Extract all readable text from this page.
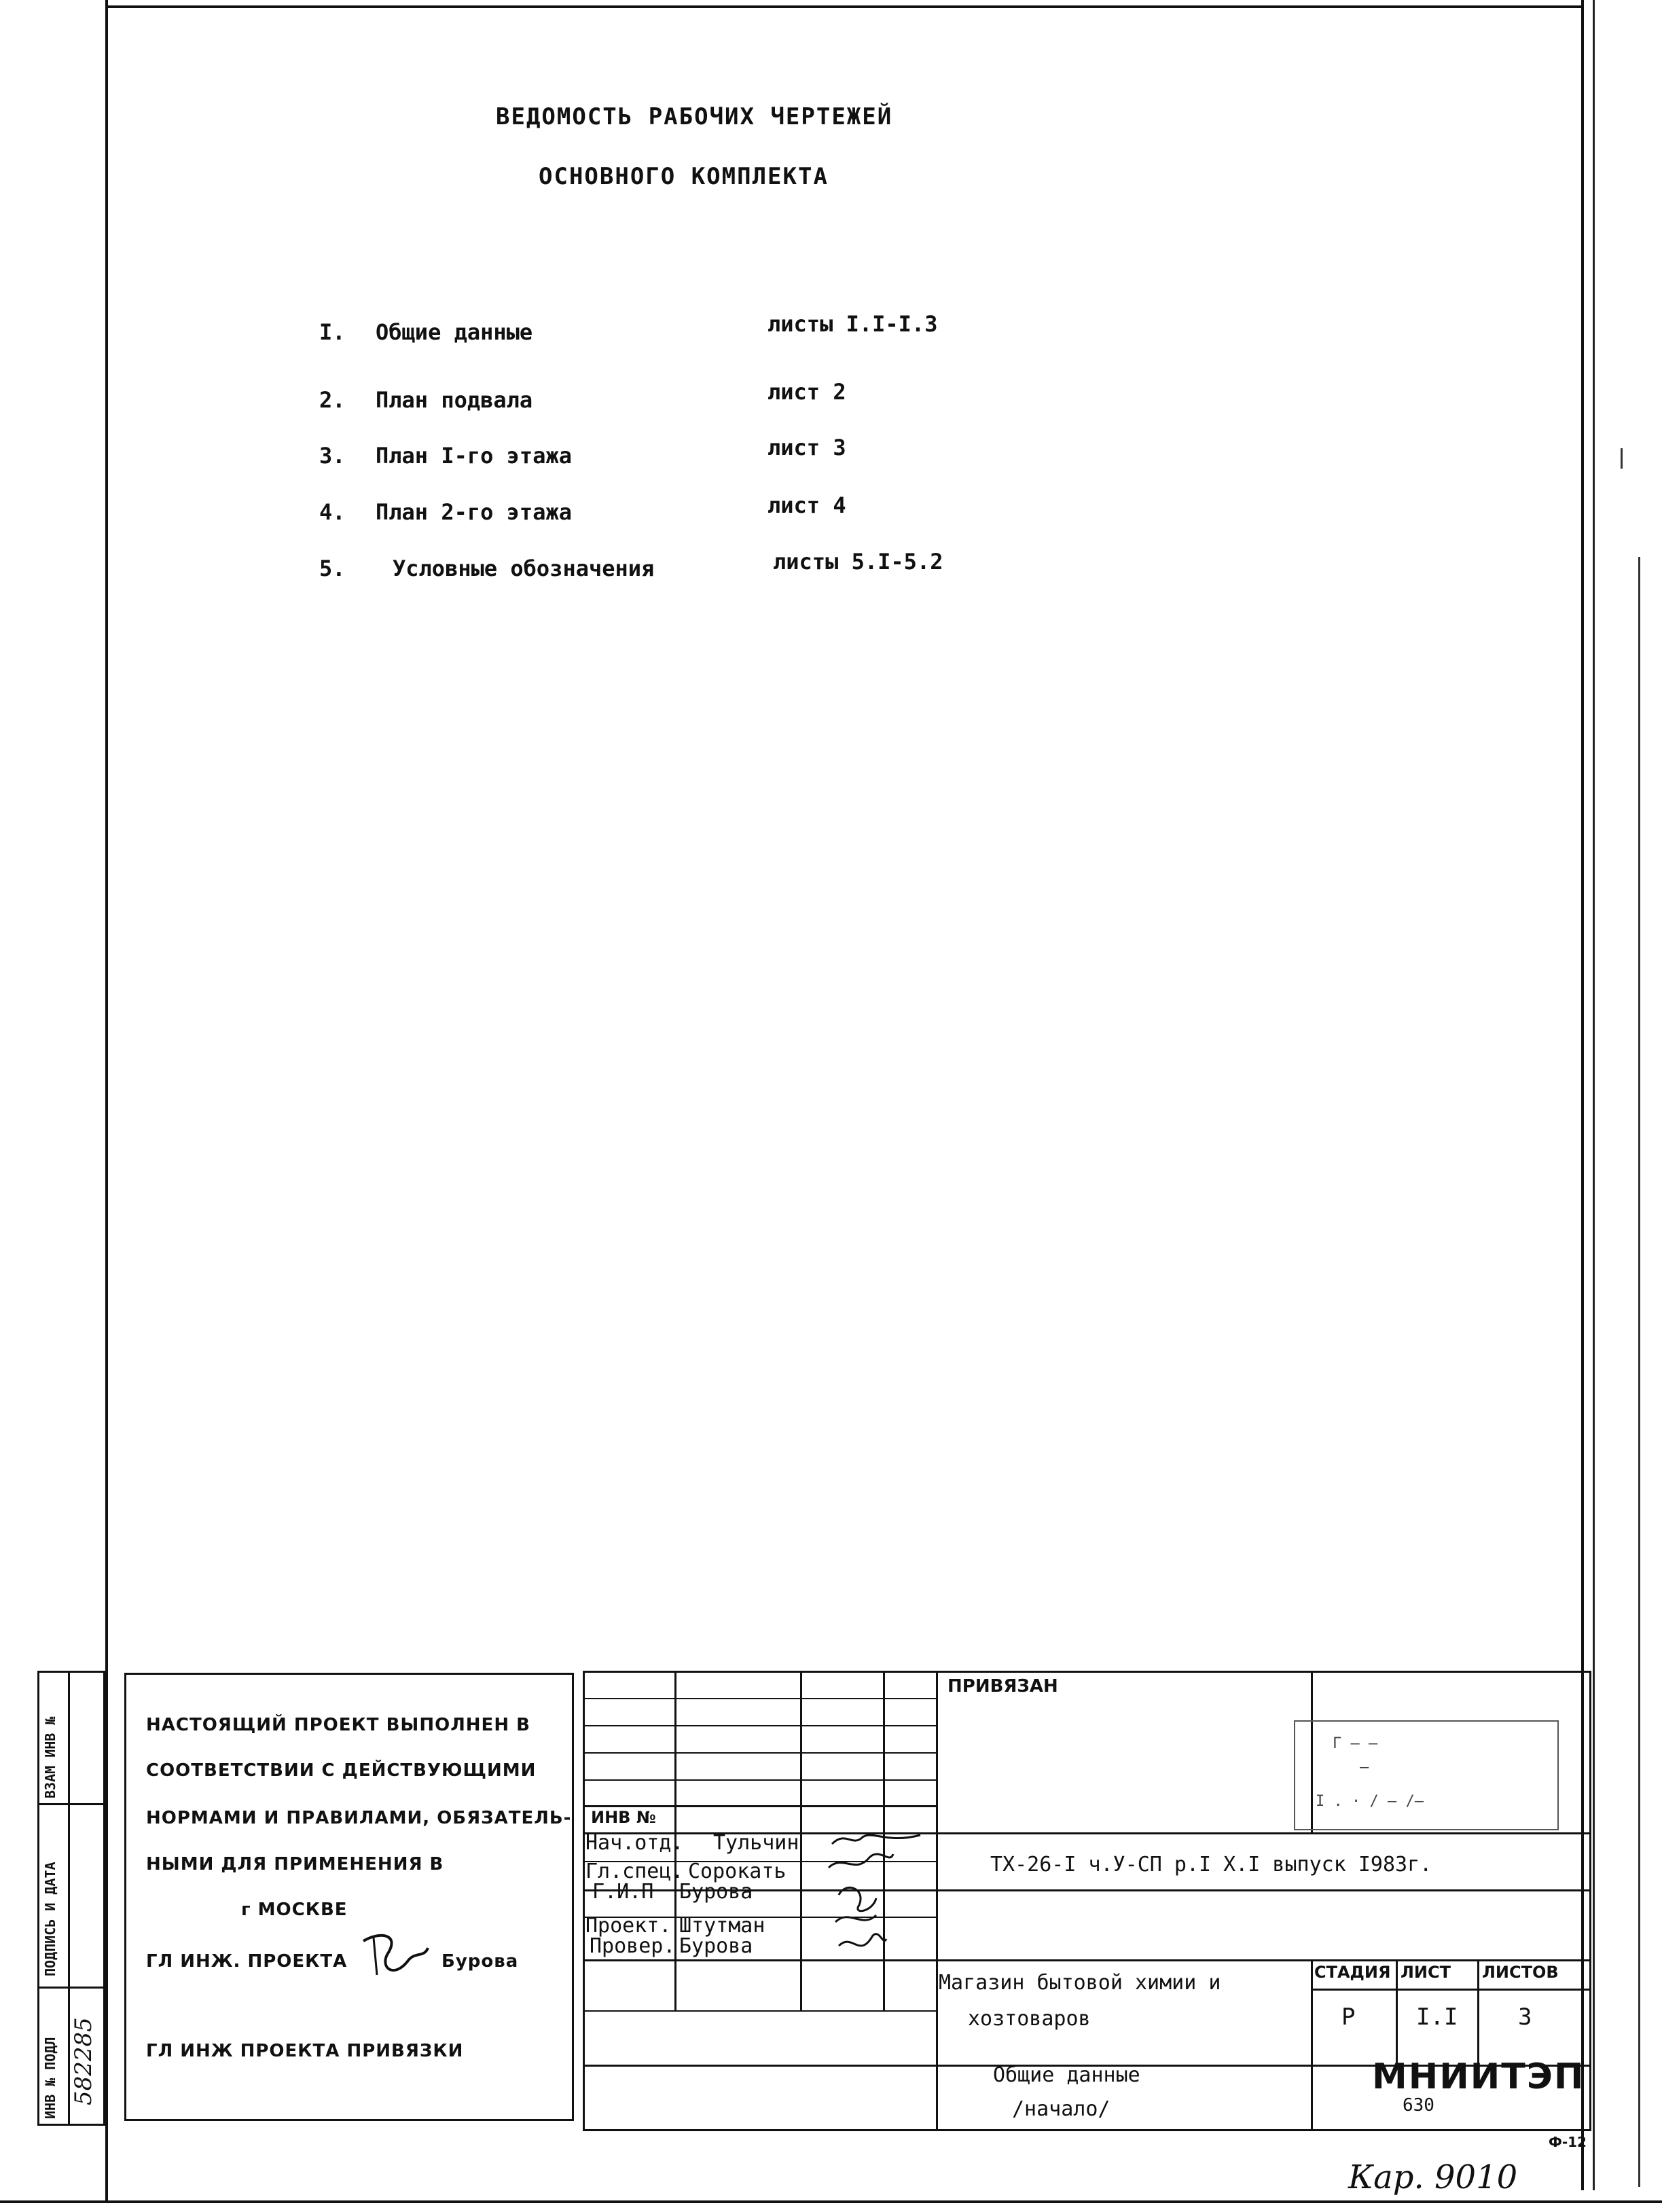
ВЕДОМОСТЬ РАБОЧИХ ЧЕРТЕЖЕЙ
ОСНОВНОГО КОМПЛЕКТА
I. Общие данные	листы I.I-I.3
2. План подвала	лист 2
3. План I-го этажа	лист 3
4. План 2-го этажа	лист 4
5. Условные обозначения	листы 5.I-5.2
ВЗАМ ИНВ №
ПОДПИСЬ И ДАТА
ИНВ № ПОДЛ 582285
НАСТОЯЩИЙ ПРОЕКТ ВЫПОЛНЕН В
СООТВЕТСТВИИ С ДЕЙСТВУЮЩИМИ
НОРМАМИ И ПРАВИЛАМИ, ОБЯЗАТЕЛЬ-
НЫМИ ДЛЯ ПРИМЕНЕНИЯ В
г МОСКВЕ
ГЛ ИНЖ. ПРОЕКТА	Бурова
ГЛ ИНЖ ПРОЕКТА ПРИВЯЗКИ
ИНВ №
Нач.отд. Тульчин
Гл.спец. Сорокать
Г.И.П Бурова
Проект. Штутман
Провер. Бурова
ПРИВЯЗАН
Г — —
—
I . · / — /—
ТХ-26-I ч.У-СП р.I Х.I выпуск I983г.
Магазин бытовой химии и
хозтоваров
Общие данные
/начало/
СТАДИЯ ЛИСТ ЛИСТОВ
Р	I.I	3
МНИИТЭП
630
Ф-12
Кар. 9010
